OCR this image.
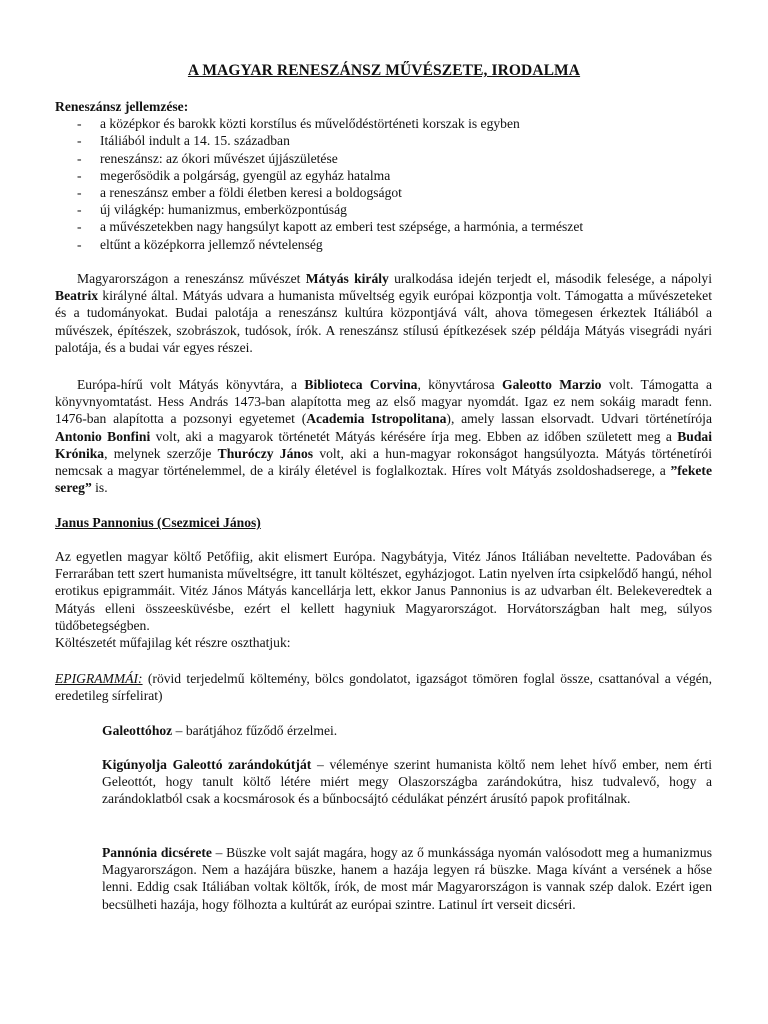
A MAGYAR RENESZÁNSZ MŰVÉSZETE, IRODALMA
Reneszánsz jellemzése:
- a középkor és barokk közti korstílus és művelődéstörténeti korszak is egyben
- Itáliából indult a 14. 15. században
- reneszánsz: az ókori művészet újjászületése
- megerősödik a polgárság, gyengül az egyház hatalma
- a reneszánsz ember a földi életben keresi a boldogságot
- új világkép: humanizmus, emberközpontúság
- a művészetekben nagy hangsúlyt kapott az emberi test szépsége, a harmónia, a természet
- eltűnt a középkorra jellemző névtelenség

Magyarországon a reneszánsz művészet Mátyás király uralkodása idején terjedt el, második felesége, a nápolyi Beatrix királyné által. Mátyás udvara a humanista műveltség egyik európai központja volt. Támogatta a művészeteket és a tudományokat. Budai palotája a reneszánsz kultúra központjává vált, ahova tömegesen érkeztek Itáliából a művészek, építészek, szobrászok, tudósok, írók. A reneszánsz stílusú építkezések szép példája Mátyás visegrádi nyári palotája, és a budai vár egyes részei.

Európa-hírű volt Mátyás könyvtára, a Biblioteca Corvina, könyvtárosa Galeotto Marzio volt. Támogatta a könyvnyomtatást. Hess András 1473-ban alapította meg az első magyar nyomdát. Igaz ez nem sokáig maradt fenn. 1476-ban alapította a pozsonyi egyetemet (Academia Istropolitana), amely lassan elsorvadt. Udvari történetírója Antonio Bonfini volt, aki a magyarok történetét Mátyás kérésére írja meg. Ebben az időben született meg a Budai Krónika, melynek szerzője Thuróczy János volt, aki a hun-magyar rokonságot hangsúlyozta. Mátyás történetírói nemcsak a magyar történelemmel, de a király életével is foglalkoztak. Híres volt Mátyás zsoldoshadserege, a ”fekete sereg” is.

Janus Pannonius (Csezmicei János)

Az egyetlen magyar költő Petőfiig, akit elismert Európa. Nagybátyja, Vitéz János Itáliában neveltette. Padovában és Ferrarában tett szert humanista műveltségre, itt tanult költészet, egyházjogot. Latin nyelven írta csipkelődő hangú, néhol erotikus epigrammáit. Vitéz János Mátyás kancellárja lett, ekkor Janus Pannonius is az udvarban élt. Belekeveredtek a Mátyás elleni összeesküvésbe, ezért el kellett hagyniuk Magyarországot. Horvátországban halt meg, súlyos tüdőbetegségben.

Költészetét műfajilag két részre oszthatjuk:

EPIGRAMMÁI: (rövid terjedelmű költemény, bölcs gondolatot, igazságot tömören foglal össze, csattanóval a végén, eredetileg sírfelirat)

Galeottóhoz – barátjához fűződő érzelmei.

Kigúnyolja Galeottó zarándokútját – véleménye szerint humanista költő nem lehet hívő ember, nem érti Geleottót, hogy tanult költő létére miért megy Olaszországba zarándokútra, hisz tudvalevő, hogy a zarándoklatból csak a kocsmárosok és a bűnbocsájtó cédulákat pénzért árusító papok profitálnak.

Pannónia dicsérete – Büszke volt saját magára, hogy az ő munkássága nyomán valósodott meg a humanizmus Magyarországon. Nem a hazájára büszke, hanem a hazája legyen rá büszke. Maga kívánt a versének a hőse lenni. Eddig csak Itáliában voltak költők, írók, de most már Magyarországon is vannak szép dalok. Ezért igen becsülheti hazája, hogy fölhozta a kultúrát az európai szintre. Latinul írt verseit dicséri.
